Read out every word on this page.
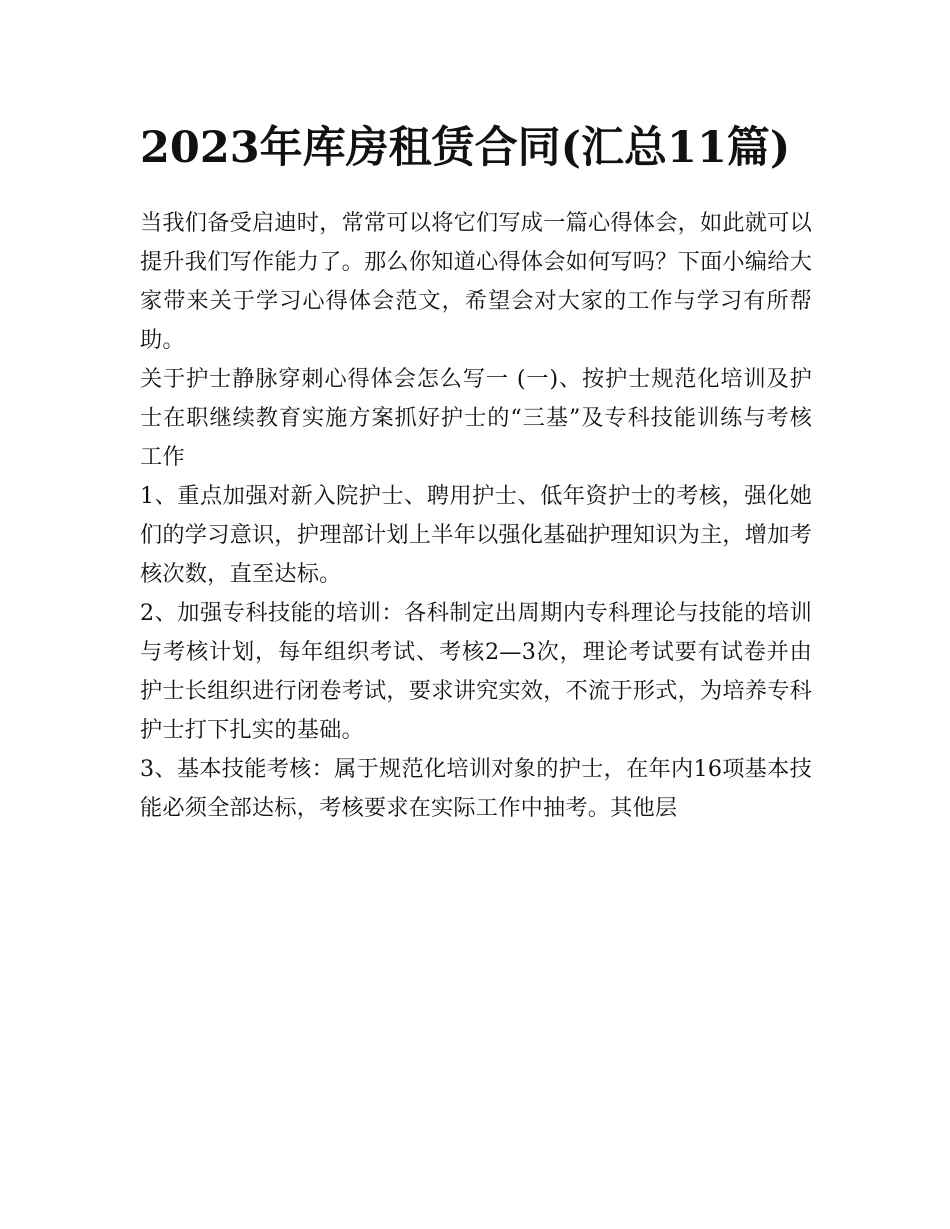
2023年库房租赁合同(汇总11篇)

当我们备受启迪时，常常可以将它们写成一篇心得体会，如此就可以提升我们写作能力了。那么你知道心得体会如何写吗？下面小编给大家带来关于学习心得体会范文，希望会对大家的工作与学习有所帮助。

关于护士静脉穿刺心得体会怎么写一 (一)、按护士规范化培训及护士在职继续教育实施方案抓好护士的“三基”及专科技能训练与考核工作

1、重点加强对新入院护士、聘用护士、低年资护士的考核，强化她们的学习意识，护理部计划上半年以强化基础护理知识为主，增加考核次数，直至达标。

2、加强专科技能的培训：各科制定出周期内专科理论与技能的培训与考核计划，每年组织考试、考核2—3次，理论考试要有试卷并由护士长组织进行闭卷考试，要求讲究实效，不流于形式，为培养专科护士打下扎实的基础。

3、基本技能考核：属于规范化培训对象的护士，在年内16项基本技能必须全部达标，考核要求在实际工作中抽考。其他层
